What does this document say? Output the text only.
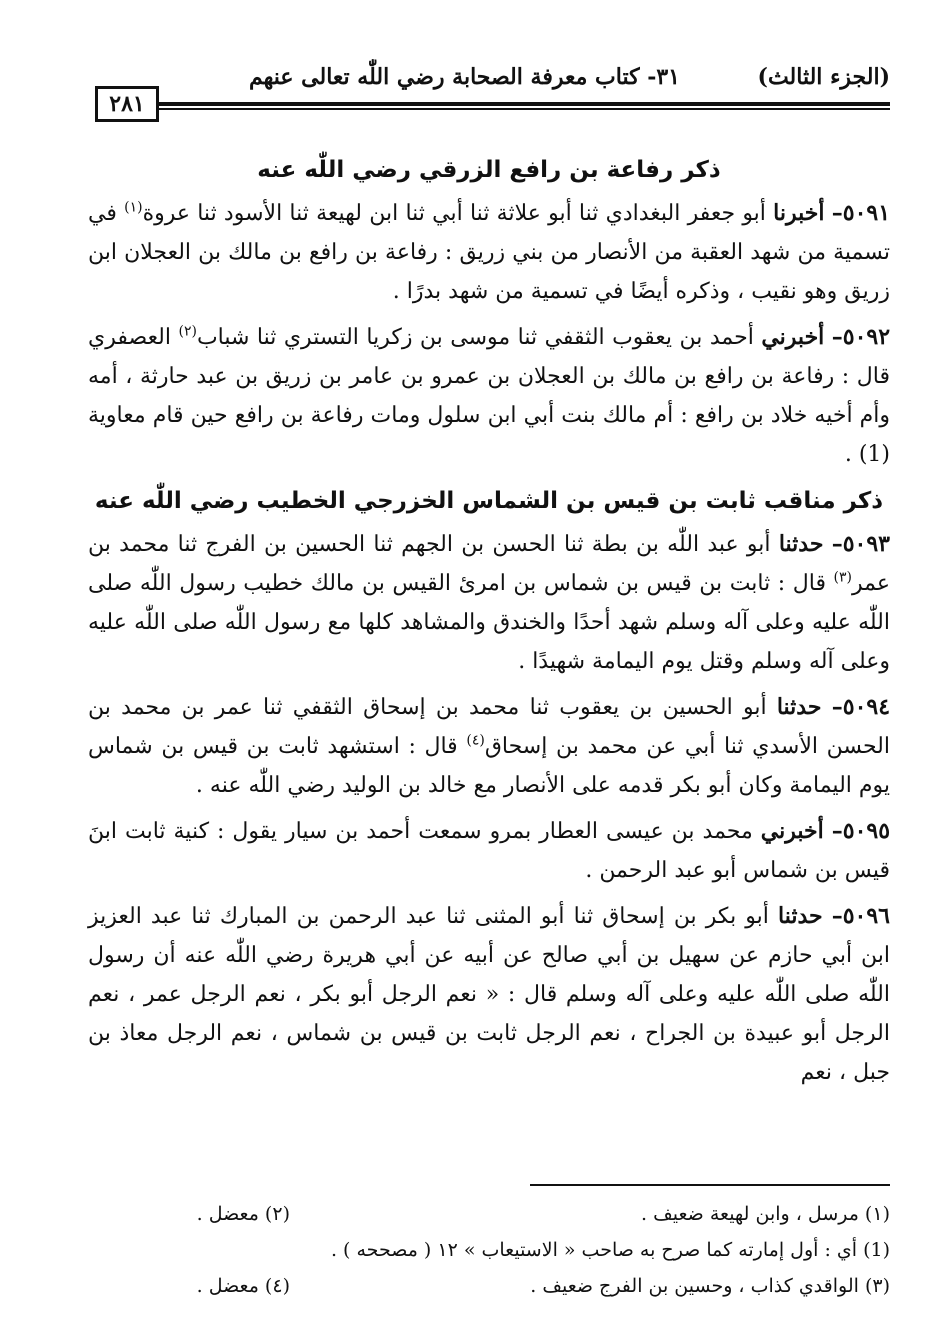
(الجزء الثالث)
٣١- كتاب معرفة الصحابة رضي اللّٰه تعالى عنهم
٢٨١
ذكر رفاعة بن رافع الزرقي رضي اللّٰه عنه
٥٠٩١– أخبرنا أبو جعفر البغدادي ثنا أبو علاثة ثنا أبي ثنا ابن لهيعة ثنا الأسود ثنا عروة$^{(١)}$ في تسمية من شهد العقبة من الأنصار من بني زريق : رفاعة بن رافع بن مالك بن العجلان ابن زريق وهو نقيب ، وذكره أيضًا في تسمية من شهد بدرًا .
٥٠٩٢– أخبرني أحمد بن يعقوب الثقفي ثنا موسى بن زكريا التستري ثنا شباب$^{(٢)}$ العصفري قال : رفاعة بن رافع بن مالك بن العجلان بن عمرو بن عامر بن زريق بن عبد حارثة ، أمه وأم أخيه خلاد بن رافع : أم مالك بنت أبي ابن سلول ومات رفاعة بن رافع حين قام معاوية (1) .
ذكر مناقب ثابت بن قيس بن الشماس الخزرجي الخطيب رضي اللّٰه عنه
٥٠٩٣– حدثنا أبو عبد اللّٰه بن بطة ثنا الحسن بن الجهم ثنا الحسين بن الفرج ثنا محمد بن عمر$^{(٣)}$ قال : ثابت بن قيس بن شماس بن امرئ القيس بن مالك خطيب رسول اللّٰه صلى اللّٰه عليه وعلى آله وسلم شهد أحدًا والخندق والمشاهد كلها مع رسول اللّٰه صلى اللّٰه عليه وعلى آله وسلم وقتل يوم اليمامة شهيدًا .
٥٠٩٤– حدثنا أبو الحسين بن يعقوب ثنا محمد بن إسحاق الثقفي ثنا عمر بن محمد بن الحسن الأسدي ثنا أبي عن محمد بن إسحاق$^{(٤)}$ قال : استشهد ثابت بن قيس بن شماس يوم اليمامة وكان أبو بكر قدمه على الأنصار مع خالد بن الوليد رضي اللّٰه عنه .
٥٠٩٥– أخبرني محمد بن عيسى العطار بمرو سمعت أحمد بن سيار يقول : كنية ثابت ابنَ قيس بن شماس أبو عبد الرحمن .
٥٠٩٦– حدثنا أبو بكر بن إسحاق ثنا أبو المثنى ثنا عبد الرحمن بن المبارك ثنا عبد العزيز ابن أبي حازم عن سهيل بن أبي صالح عن أبيه عن أبي هريرة رضي اللّٰه عنه أن رسول اللّٰه صلى اللّٰه عليه وعلى آله وسلم قال : « نعم الرجل أبو بكر ، نعم الرجل عمر ، نعم الرجل أبو عبيدة بن الجراح ، نعم الرجل ثابت بن قيس بن شماس ، نعم الرجل معاذ بن جبل ، نعم
(١) مرسل ، وابن لهيعة ضعيف .
(٢) معضل .
(1) أي : أول إمارته كما صرح به صاحب « الاستيعاب » ١٢ ( مصححه ) .
(٣) الواقدي كذاب ، وحسين بن الفرج ضعيف .
(٤) معضل .
